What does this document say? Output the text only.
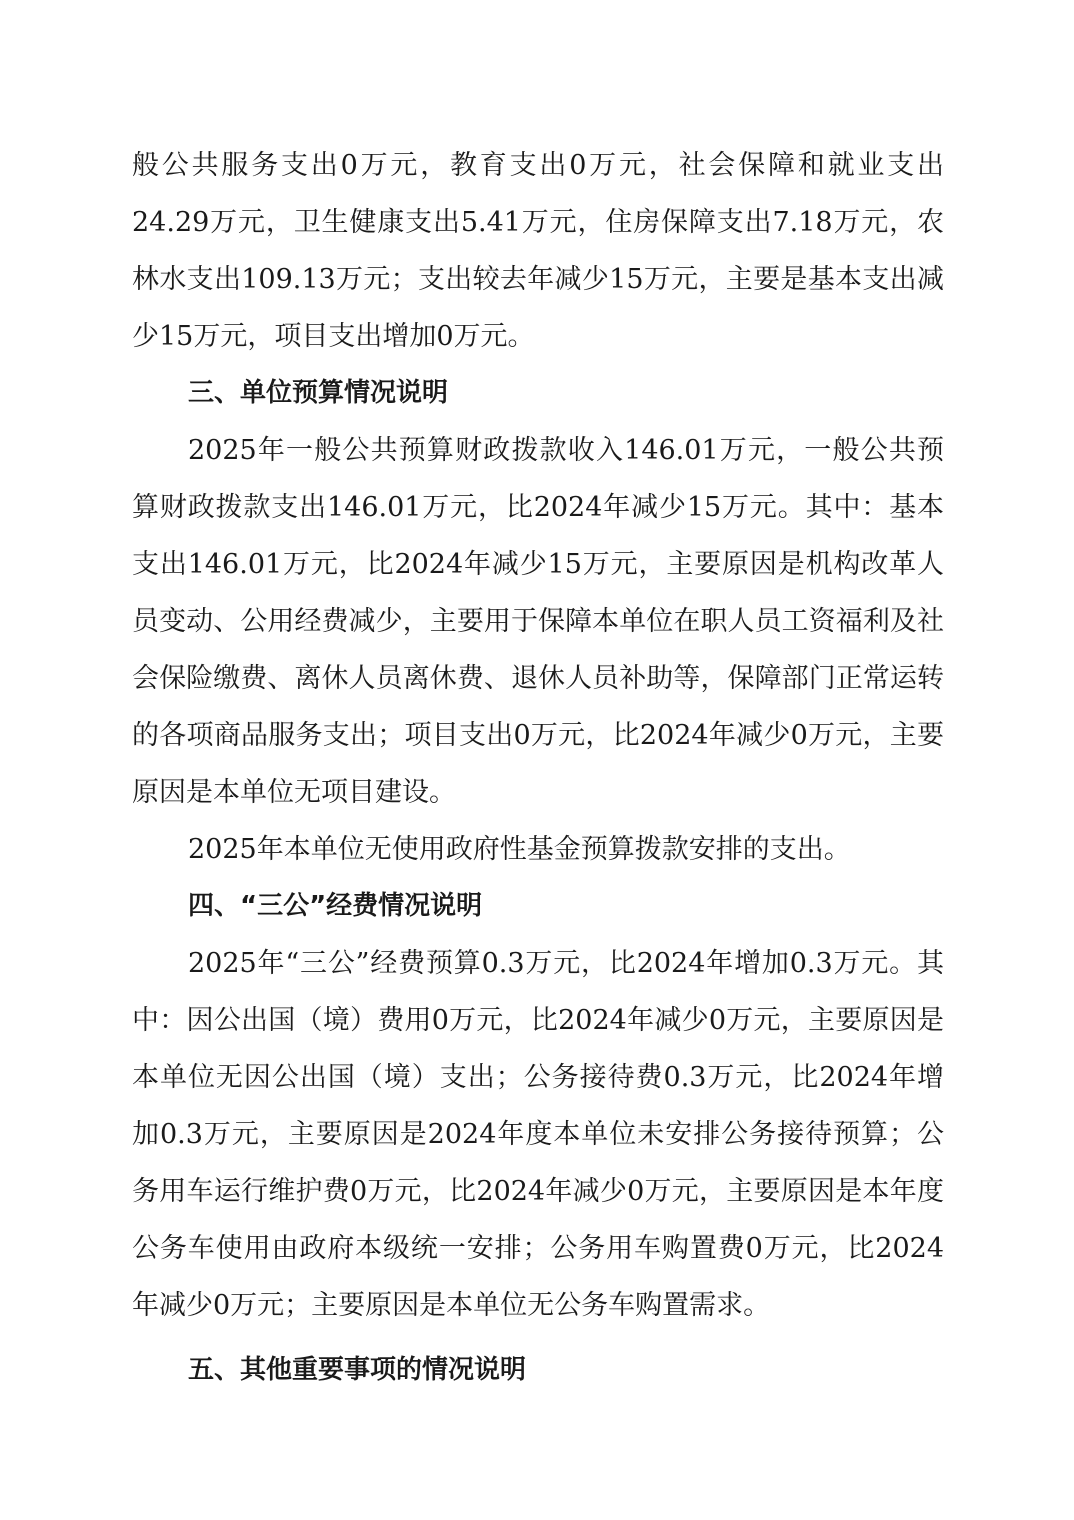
般公共服务支出0万元，教育支出0万元，社会保障和就业支出24.29万元，卫生健康支出5.41万元，住房保障支出7.18万元，农林水支出109.13万元；支出较去年减少15万元，主要是基本支出减少15万元，项目支出增加0万元。

三、单位预算情况说明

2025年一般公共预算财政拨款收入146.01万元，一般公共预算财政拨款支出146.01万元，比2024年减少15万元。其中：基本支出146.01万元，比2024年减少15万元，主要原因是机构改革人员变动、公用经费减少，主要用于保障本单位在职人员工资福利及社会保险缴费、离休人员离休费、退休人员补助等，保障部门正常运转的各项商品服务支出；项目支出0万元，比2024年减少0万元，主要原因是本单位无项目建设。

2025年本单位无使用政府性基金预算拨款安排的支出。

四、“三公”经费情况说明

2025年“三公”经费预算0.3万元，比2024年增加0.3万元。其中：因公出国（境）费用0万元，比2024年减少0万元，主要原因是本单位无因公出国（境）支出；公务接待费0.3万元，比2024年增加0.3万元，主要原因是2024年度本单位未安排公务接待预算；公务用车运行维护费0万元，比2024年减少0万元，主要原因是本年度公务车使用由政府本级统一安排；公务用车购置费0万元，比2024年减少0万元；主要原因是本单位无公务车购置需求。

五、其他重要事项的情况说明
